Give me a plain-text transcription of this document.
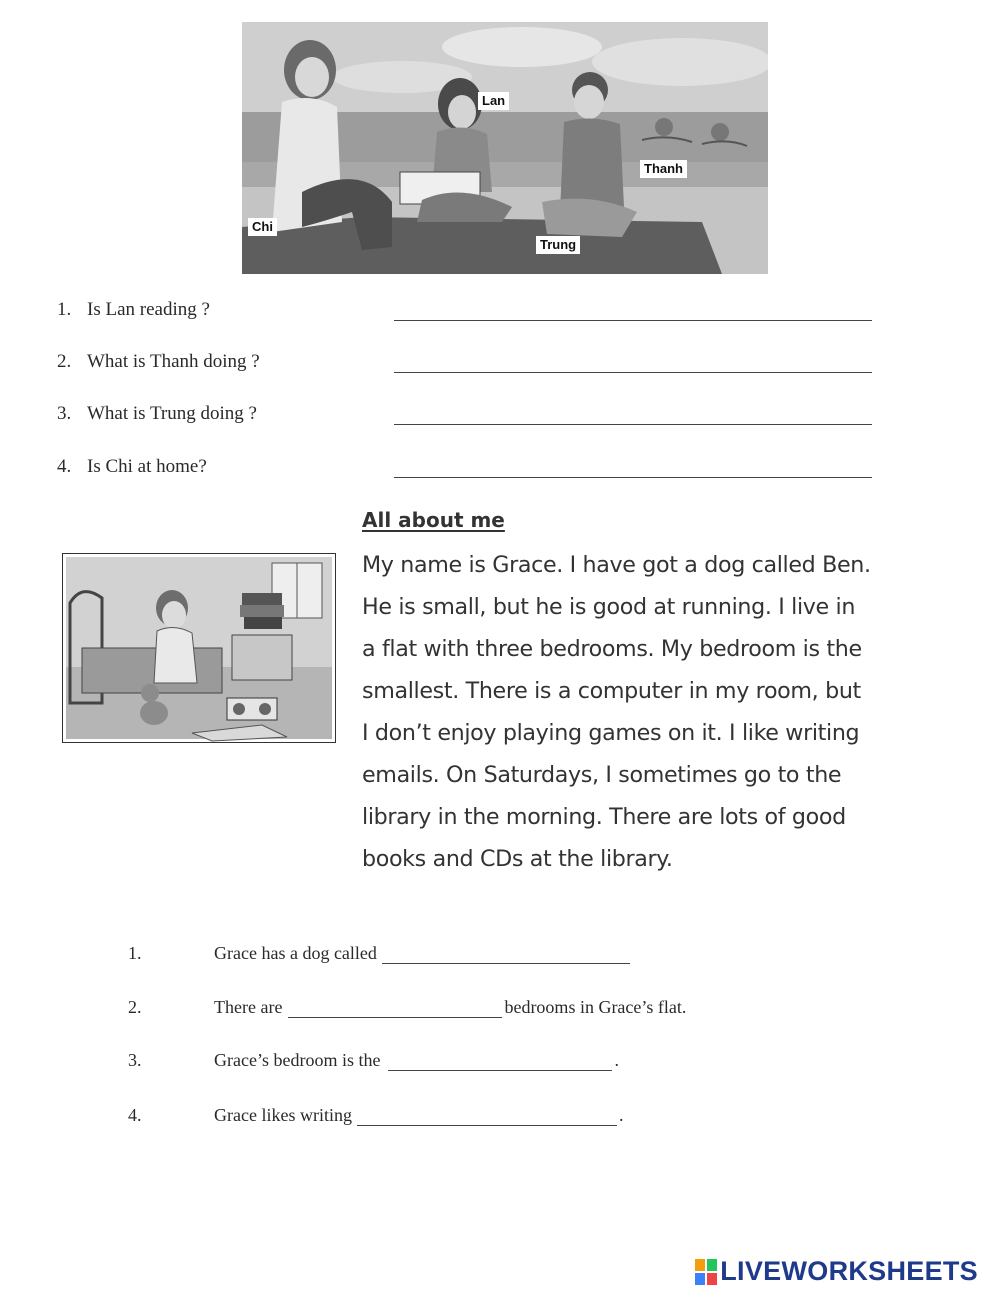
Lan
Thanh
Chi
Trung
1. Is Lan reading ?
2. What is Thanh doing ?
3. What is Trung doing ?
4. Is Chi at home?
All about me
My name is Grace. I have got a dog called Ben.
He is small, but he is good at running. I live in
a flat with three bedrooms. My bedroom is the
smallest. There is a computer in my room, but
I don’t enjoy playing games on it. I like writing
emails. On Saturdays, I sometimes go to the
library in the morning. There are lots of good
books and CDs at the library.
1.	Grace has a dog called
2.	There are	bedrooms in Grace’s flat.
3.	Grace’s bedroom is the	.
4.	Grace likes writing	.
LIVEWORKSHEETS
